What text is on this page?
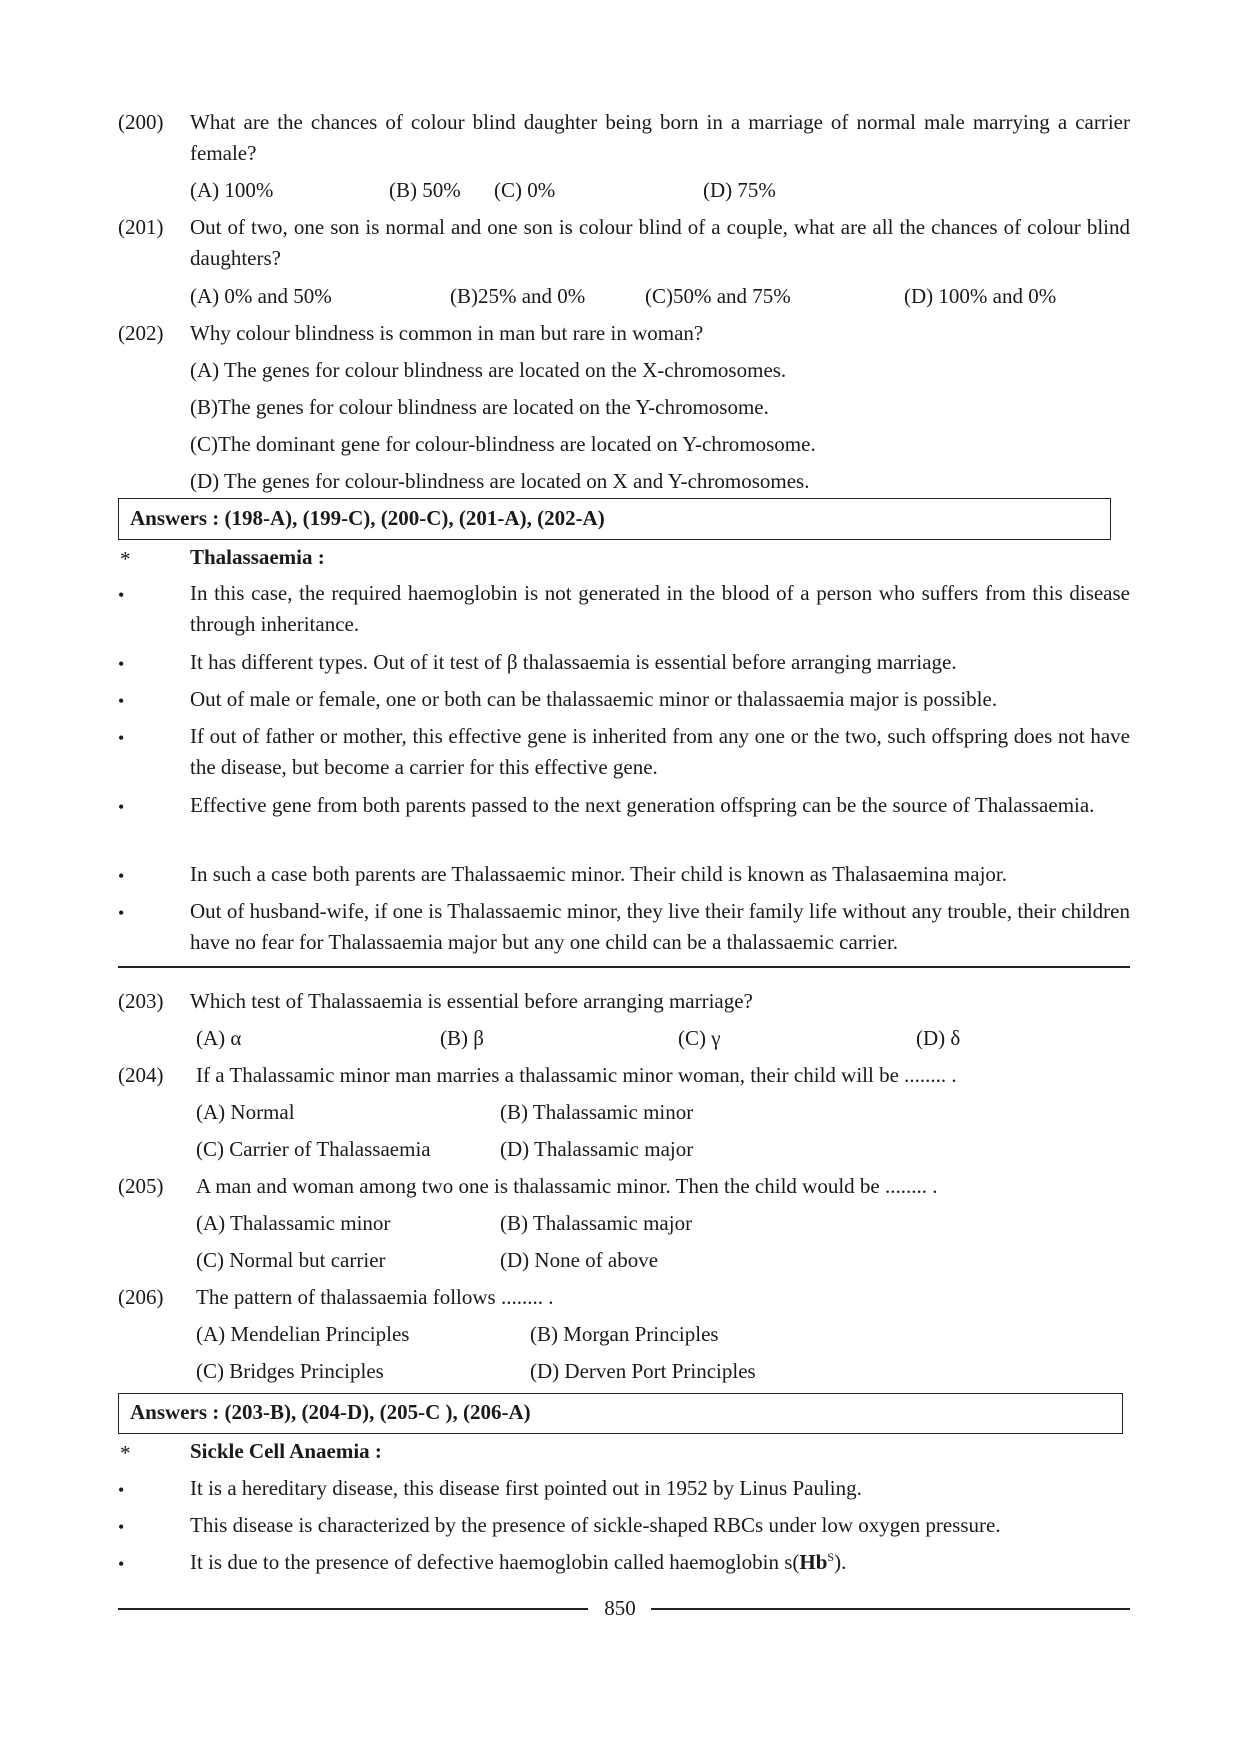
(200) What are the chances of colour blind daughter being born in a marriage of normal male marrying a carrier female?
(A) 100%	(B) 50% (C) 0%	(D) 75%
(201) Out of two, one son is normal and one son is colour blind of a couple, what are all the chances of colour blind daughters?
(A) 0% and 50%	(B)25% and 0%	(C)50% and 75%	(D) 100% and 0%
(202) Why colour blindness is common in man but rare in woman?
(A) The genes for colour blindness are located on the X-chromosomes.
(B)The genes for colour blindness are located on the Y-chromosome.
(C)The dominant gene for colour-blindness are located on Y-chromosome.
(D) The genes for colour-blindness are located on X and Y-chromosomes.
Answers : (198-A), (199-C), (200-C), (201-A), (202-A)
*	Thalassaemia :
•	In this case, the required haemoglobin is not generated in the blood of a person who suffers from this disease through inheritance.
•	It has different types. Out of it test of β thalassaemia is essential before arranging marriage.
•	Out of male or female, one or both can be thalassaemic minor or thalassaemia major is possible.
•	If out of father or mother, this effective gene is inherited from any one or the two, such offspring does not have the disease, but become a carrier for this effective gene.
•	Effective gene from both parents passed to the next generation offspring can be the source of Thalassaemia.
•	In such a case both parents are Thalassaemic minor. Their child is known as Thalasaemina major.
•	Out of husband-wife, if one is Thalassaemic minor, they live their family life without any trouble, their children have no fear for Thalassaemia major but any one child can be a thalassaemic carrier.
(203) Which test of Thalassaemia is essential before arranging marriage?
(A) α	(B) β	(C) γ	(D) δ
(204) If a Thalassamic minor man marries a thalassamic minor woman, their child will be ........ .
(A) Normal	(B) Thalassamic minor
(C) Carrier of Thalassaemia	(D) Thalassamic major
(205) A man and woman among two one is thalassamic minor. Then the child would be ........ .
(A) Thalassamic minor	(B) Thalassamic major
(C) Normal but carrier	(D) None of above
(206) The pattern of thalassaemia follows ........ .
(A) Mendelian Principles	(B) Morgan Principles
(C) Bridges Principles	(D) Derven Port Principles
Answers : (203-B), (204-D), (205-C ), (206-A)
*	Sickle Cell Anaemia :
•	It is a hereditary disease, this disease first pointed out in 1952 by Linus Pauling.
•	This disease is characterized by the presence of sickle-shaped RBCs under low oxygen pressure.
•	It is due to the presence of defective haemoglobin called haemoglobin $s(Hb^S)$.
850
